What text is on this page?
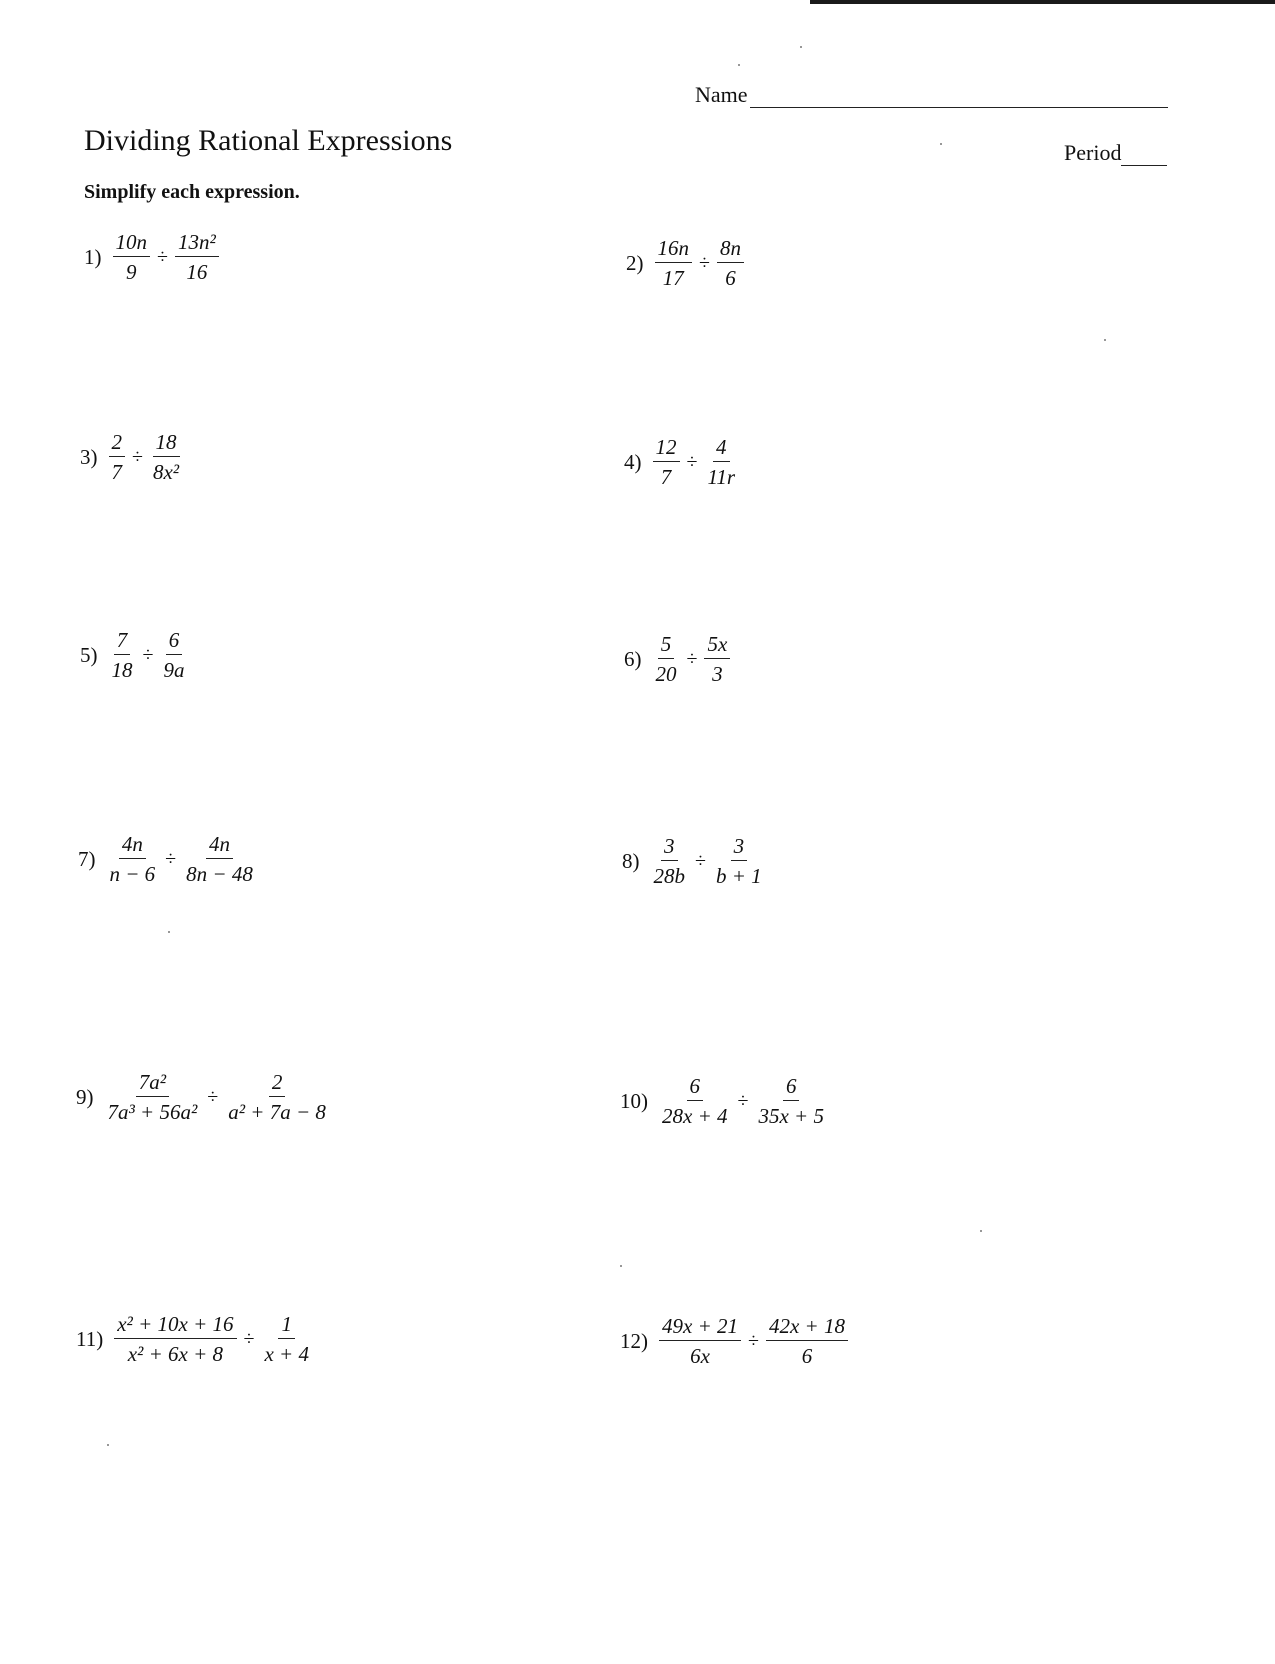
Name
Period
Dividing Rational Expressions

Simplify each expression.

$1) \frac{10n}{9} \div \frac{\text{13n²}}{16}$	$2) \frac{16n}{17} \div \frac{8n}{6}$
$3) \frac{2}{7} \div \frac{18}{\text{8x²}}$	$4) \frac{12}{7} \div \frac{4}{11r}$
$5) \frac{7}{18} \div \frac{6}{9a}$	$6) \frac{5}{20} \div \frac{5x}{3}$
$7) \frac{4n}{n - 6} \div \frac{4n}{8n - 48}$	$8) \frac{3}{28b} \div \frac{3}{b + 1}$
$9) \frac{\text{7a²}}{\text{7a³ + 56a²}} \div \frac{2}{\text{a² + 7a − 8}}$	$10) \frac{6}{28x + 4} \div \frac{6}{35x + 5}$
$11) \frac{\text{x² + 10x + 16}}{\text{x² + 6x + 8}} \div \frac{1}{x + 4}$	$12) \frac{49x + 21}{6x} \div \frac{42x + 18}{6}$
